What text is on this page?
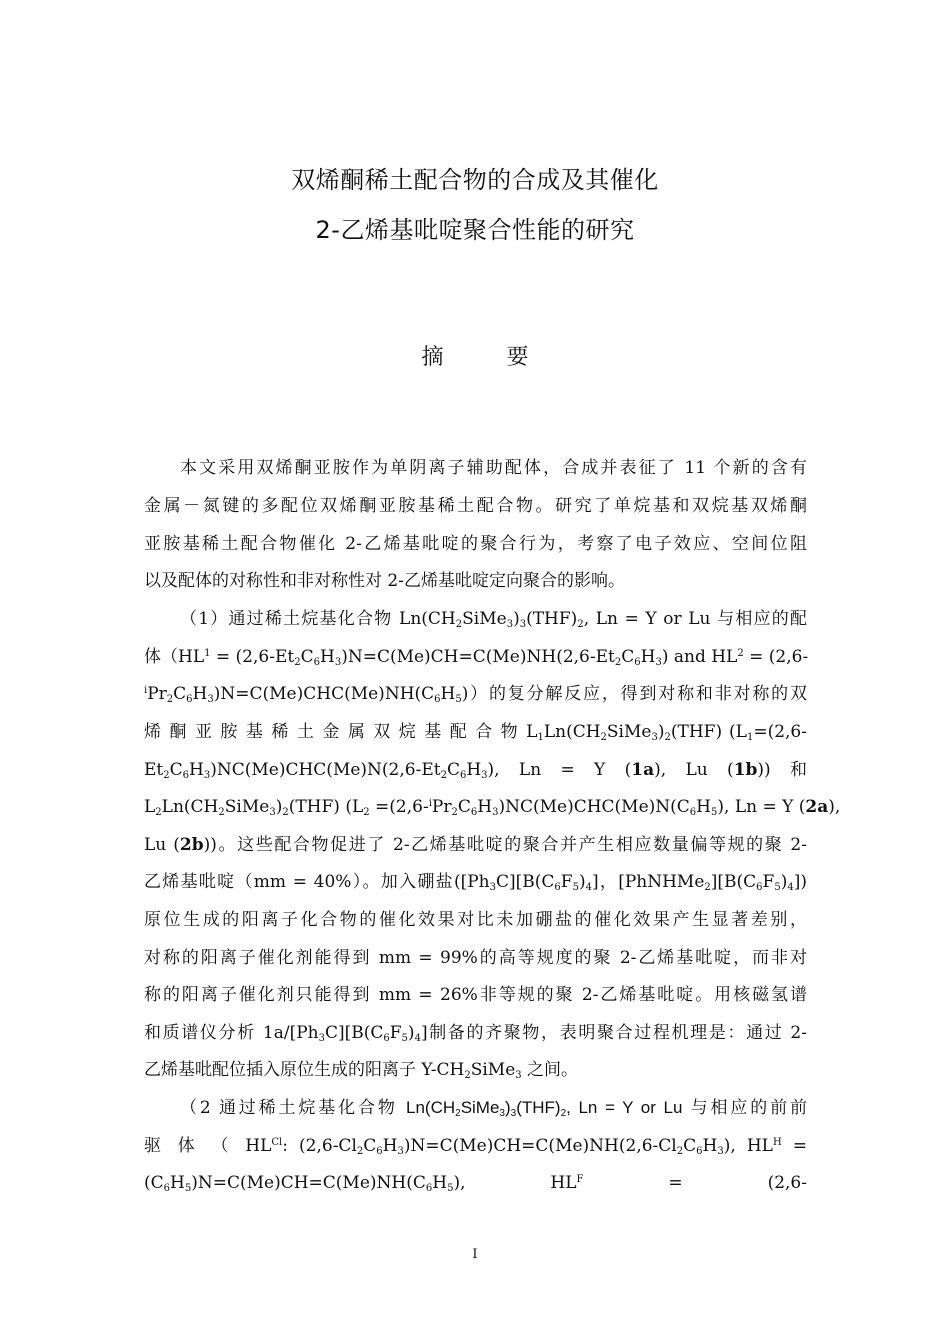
双烯酮稀土配合物的合成及其催化
2-乙烯基吡啶聚合性能的研究
摘 要
本文采用双烯酮亚胺作为单阴离子辅助配体，合成并表征了 11 个新的含有
金属－氮键的多配位双烯酮亚胺基稀土配合物。研究了单烷基和双烷基双烯酮
亚胺基稀土配合物催化 2-乙烯基吡啶的聚合行为，考察了电子效应、空间位阻
以及配体的对称性和非对称性对 2-乙烯基吡啶定向聚合的影响。
（1）通过稀土烷基化合物 $Ln(CH_2SiMe_3)_3(THF)_2$, Ln = Y or Lu 与相应的配
体（$HL^1 = (2,6-Et_2C_6H_3)N=C(Me)CH=C(Me)NH(2,6-Et_2C_6H_3)$ and $HL^2 = (2,6-$
$^iPr_2C_6H_3)N=C(Me)CHC(Me)NH(C_6H_5)$）的复分解反应，得到对称和非对称的双
烯 酮 亚 胺 基 稀 土 金 属 双 烷 基 配 合 物 $L_1Ln(CH_2SiMe_3)_2(THF)$ ($L_1=(2,6-$
$Et_2C_6H_3)NC(Me)CHC(Me)N(2,6-Et_2C_6H_3)$, Ln = Y (1a), Lu (1b)) 和
$L_2Ln(CH_2SiMe_3)_2(THF)$ ($L_2 =(2,6-^iPr_2C_6H_3)NC(Me)CHC(Me)N(C_6H_5)$, Ln = Y (2a),
Lu (2b))。这些配合物促进了 2-乙烯基吡啶的聚合并产生相应数量偏等规的聚 2-
乙烯基吡啶（mm = 40%）。加入硼盐($[Ph_3C][B(C_6F_5)_4]$，$[PhNHMe_2][B(C_6F_5)_4]$)
原位生成的阳离子化合物的催化效果对比未加硼盐的催化效果产生显著差别，
对称的阳离子催化剂能得到 mm = 99%的高等规度的聚 2-乙烯基吡啶，而非对
称的阳离子催化剂只能得到 mm = 26%非等规的聚 2-乙烯基吡啶。用核磁氢谱
和质谱仪分析 $1a/[Ph_3C][B(C_6F_5)_4]$制备的齐聚物，表明聚合过程机理是：通过 2-
乙烯基吡配位插入原位生成的阳离子 $Y-CH_2SiMe_3$ 之间。
（2 通过稀土烷基化合物 $Ln(CH_2SiMe_3)_3(THF)_2$, Ln = Y or Lu 与相应的前前
驱 体 （ $HL^{Cl}$: $(2,6-Cl_2C_6H_3)N=C(Me)CH=C(Me)NH(2,6-Cl_2C_6H_3)$, $HL^H$ =
$(C_6H_5)N=C(Me)CH=C(Me)NH(C_6H_5)$, $HL^F = (2,6-$
I
